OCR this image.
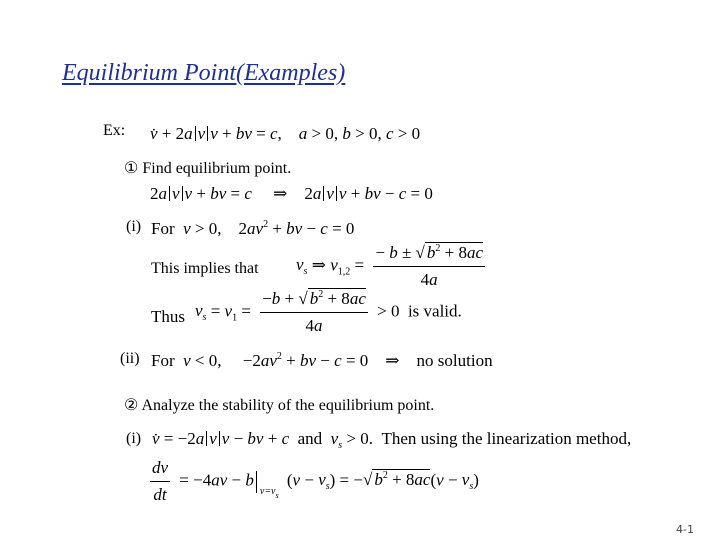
Equilibrium Point(Examples)
Ex: v̇ + 2a v v + bv = c,    a > 0, b > 0, c > 0
① Find equilibrium point.
2a v v + bv = c     ⇒    2a v v + bv − c = 0
(i) For v > 0,    $2av^2$ + bv − c = 0
This implies that $v_s$ ⇒ $v_{1,2} = \frac{- b \pm √ b^2 + 8ac}{4a}$
Thus $v_s = v_1 = \frac{-b + √ b^2 + 8ac}{4a} > 0$  is valid.
(ii) For v < 0,     $-2av^2$ + bv − c = 0    ⇒    no solution
② Analyze the stability of the equilibrium point.
(i) v̇ = −2a v v − bv + c and $v_s > 0$.  Then using the linearization method,
$\frac{dv}{dt} = -4av - b$
$v=v_s$
$(v - v_s)$ = −√ $b^2 + 8ac(v - v_s)$
4-1
